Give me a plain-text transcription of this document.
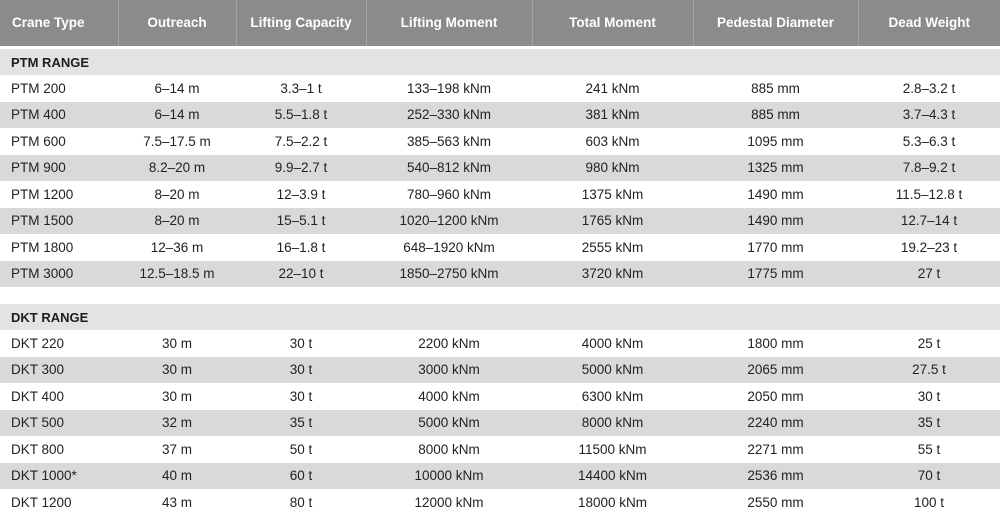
Crane Type	Outreach	Lifting Capacity	Lifting Moment	Total Moment	Pedestal Diameter	Dead Weight

PTM RANGE						
PTM 200	6–14 m	3.3–1 t	133–198 kNm	241 kNm	885 mm	2.8–3.2 t
PTM 400	6–14 m	5.5–1.8 t	252–330 kNm	381 kNm	885 mm	3.7–4.3 t
PTM 600	7.5–17.5 m	7.5–2.2 t	385–563 kNm	603 kNm	1095 mm	5.3–6.3 t
PTM 900	8.2–20 m	9.9–2.7 t	540–812 kNm	980 kNm	1325 mm	7.8–9.2 t
PTM 1200	8–20 m	12–3.9 t	780–960 kNm	1375 kNm	1490 mm	11.5–12.8 t
PTM 1500	8–20 m	15–5.1 t	1020–1200 kNm	1765 kNm	1490 mm	12.7–14 t
PTM 1800	12–36 m	16–1.8 t	648–1920 kNm	2555 kNm	1770 mm	19.2–23 t
PTM 3000	12.5–18.5 m	22–10 t	1850–2750 kNm	3720 kNm	1775 mm	27 t

DKT RANGE						
DKT 220	30 m	30 t	2200 kNm	4000 kNm	1800 mm	25 t
DKT 300	30 m	30 t	3000 kNm	5000 kNm	2065 mm	27.5 t
DKT 400	30 m	30 t	4000 kNm	6300 kNm	2050 mm	30 t
DKT 500	32 m	35 t	5000 kNm	8000 kNm	2240 mm	35 t
DKT 800	37 m	50 t	8000 kNm	11500 kNm	2271 mm	55 t
DKT 1000*	40 m	60 t	10000 kNm	14400 kNm	2536 mm	70 t
DKT 1200	43 m	80 t	12000 kNm	18000 kNm	2550 mm	100 t
